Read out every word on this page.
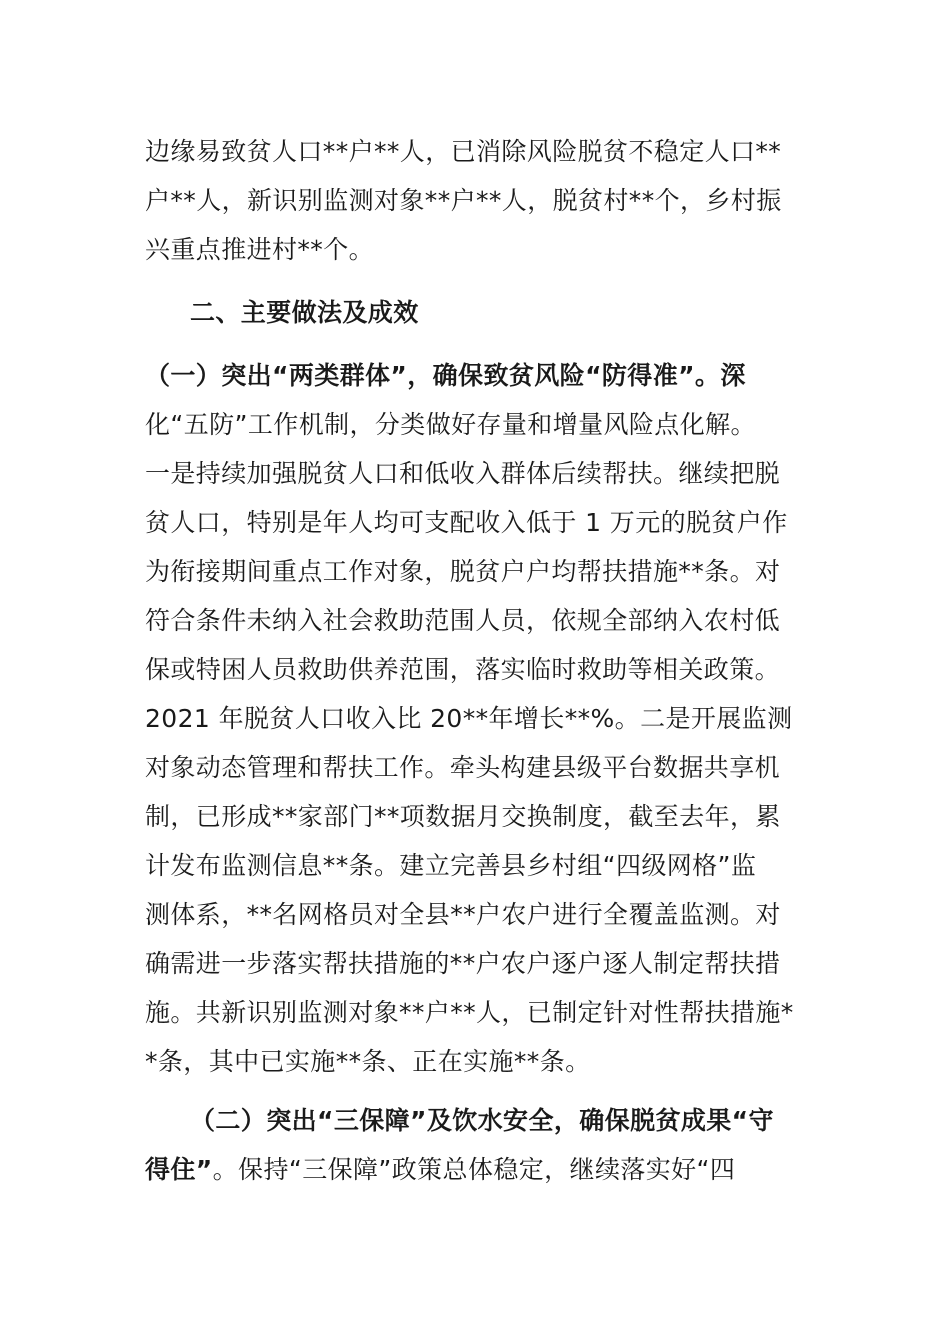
边缘易致贫人口**户**人，已消除风险脱贫不稳定人口**
户**人，新识别监测对象**户**人，脱贫村**个，乡村振
兴重点推进村**个。
二、主要做法及成效
（一）突出“两类群体”，确保致贫风险“防得准”。深
化“五防”工作机制，分类做好存量和增量风险点化解。
一是持续加强脱贫人口和低收入群体后续帮扶。继续把脱
贫人口，特别是年人均可支配收入低于 1 万元的脱贫户作
为衔接期间重点工作对象，脱贫户户均帮扶措施**条。对
符合条件未纳入社会救助范围人员，依规全部纳入农村低
保或特困人员救助供养范围，落实临时救助等相关政策。
2021 年脱贫人口收入比 20**年增长**%。二是开展监测
对象动态管理和帮扶工作。牵头构建县级平台数据共享机
制，已形成**家部门**项数据月交换制度，截至去年，累
计发布监测信息**条。建立完善县乡村组“四级网格”监
测体系，**名网格员对全县**户农户进行全覆盖监测。对
确需进一步落实帮扶措施的**户农户逐户逐人制定帮扶措
施。共新识别监测对象**户**人，已制定针对性帮扶措施*
*条，其中已实施**条、正在实施**条。
（二）突出“三保障”及饮水安全，确保脱贫成果“守
得住”。保持“三保障”政策总体稳定，继续落实好“四
